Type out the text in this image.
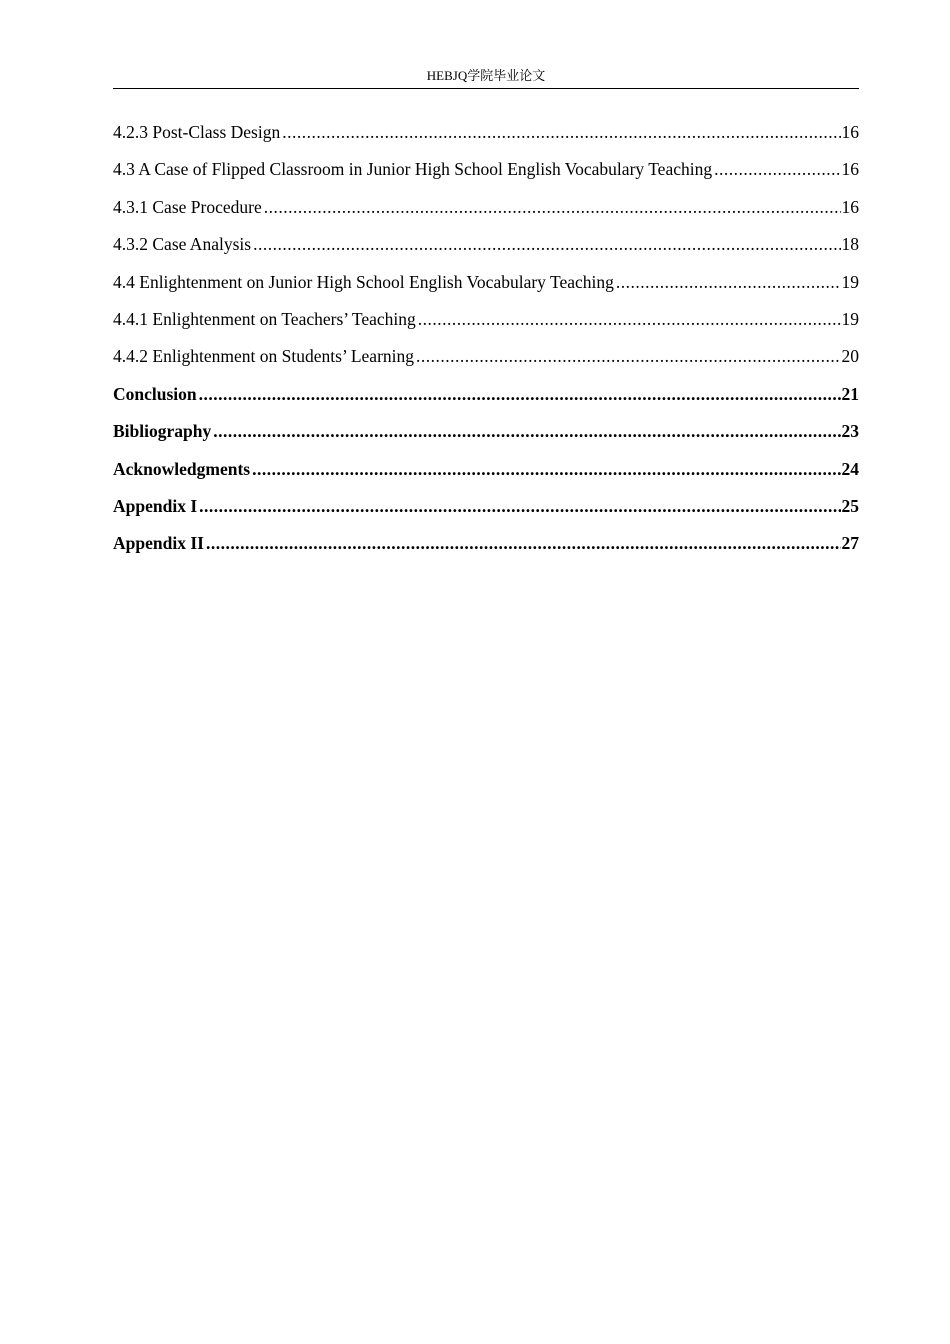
HEBJQ学院毕业论文
4.2.3 Post-Class Design .....	16
4.3 A Case of Flipped Classroom in Junior High School English Vocabulary Teaching .....	16
4.3.1 Case Procedure .....	16
4.3.2 Case Analysis .....	18
4.4 Enlightenment on Junior High School English Vocabulary Teaching .....	19
4.4.1 Enlightenment on Teachers’ Teaching .....	19
4.4.2 Enlightenment on Students’ Learning .....	20
Conclusion .....	21
Bibliography .....	23
Acknowledgments .....	24
Appendix I .....	25
Appendix II .....	27
